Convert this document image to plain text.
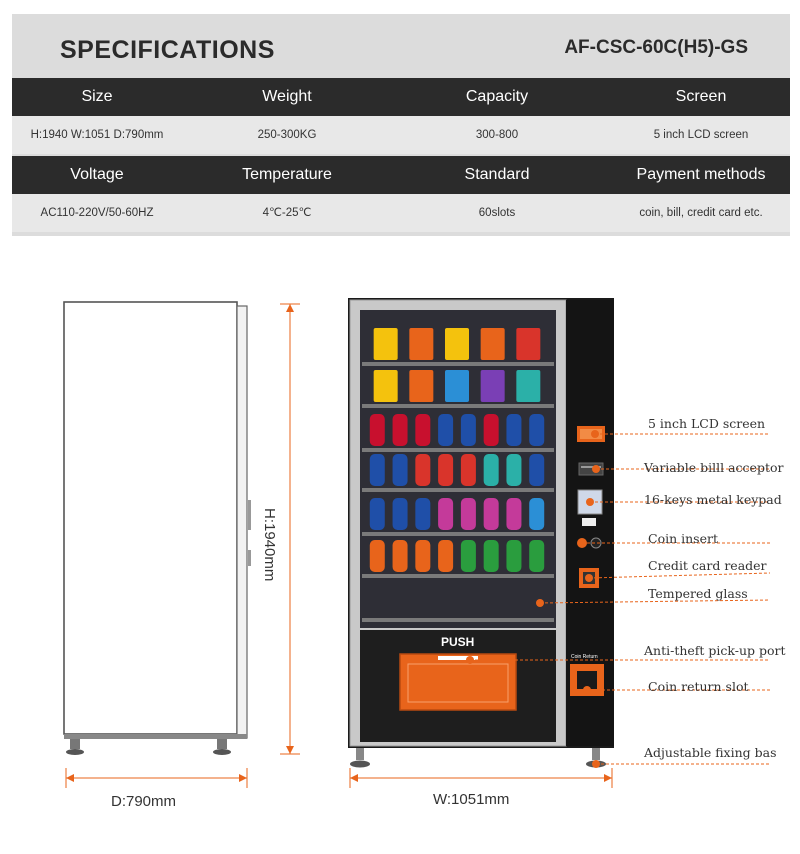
SPECIFICATIONS	AF-CSC-60C(H5)-GS
Size	Weight	Capacity	Screen
H:1940 W:1051 D:790mm	250-300KG	300-800	5 inch LCD screen
Voltage	Temperature	Standard	Payment methods
AC110-220V/50-60HZ	4℃-25℃	60slots	coin, bill, credit card etc.
H:1940mm
D:790mm	W:1051mm
PUSH
Coin Return
5 inch LCD screen
Variable billl acceptor
16-keys metal keypad
Coin insert
Credit card reader
Tempered glass
Anti-theft pick-up port
Coin return slot
Adjustable fixing bas
